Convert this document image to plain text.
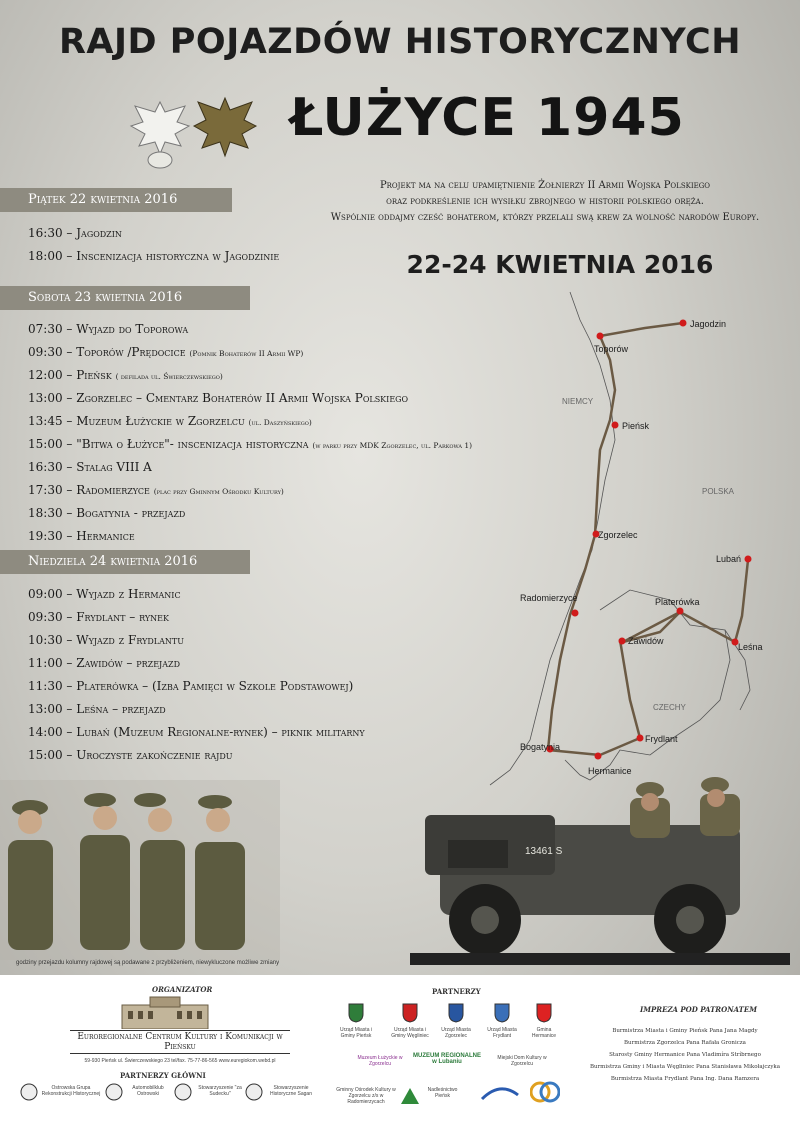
RAJD POJAZDÓW HISTORYCZNYCH
ŁUŻYCE 1945
Projekt ma na celu upamiętnienie Żołnierzy II Armii Wojska Polskiego
oraz podkreślenie ich wysiłku zbrojnego w historii polskiego oręża.
Wspólnie oddajmy cześć bohaterom, którzy przelali swą krew za wolność narodów Europy.
22-24 KWIETNIA 2016
Piątek 22 kwietnia 2016
16:30 – Jagodzin
18:00 – Inscenizacja historyczna w Jagodzinie
Sobota 23 kwietnia 2016
07:30 – Wyjazd do Toporowa
09:30 – Toporów /Prędocice (Pomnik Bohaterów II Armii WP)
12:00 – Pieńsk ( defilada ul. Świerczewskiego)
13:00 – Zgorzelec – Cmentarz Bohaterów II Armii Wojska Polskiego
13:45 – Muzeum Łużyckie w Zgorzelcu (ul. Daszyńskiego)
15:00 – "Bitwa o Łużyce"- inscenizacja historyczna (w parku przy MDK Zgorzelec, ul. Parkowa 1)
16:30 – Stalag VIII A
17:30 – Radomierzyce (plac przy Gminnym Ośrodku Kultury)
18:30 – Bogatynia - przejazd
19:30 – Hermanice
Niedziela 24 kwietnia 2016
09:00 – Wyjazd z Hermanic
09:30 – Frydlant – rynek
10:30 – Wyjazd z Frydlantu
11:00 – Zawidów – przejazd
11:30 – Platerówka – (Izba Pamięci w Szkole Podstawowej)
13:00 – Leśna – przejazd
14:00 – Lubań (Muzeum Regionalne-rynek) – piknik militarny
15:00 – Uroczyste zakończenie rajdu
Jagodzin
Toporów
Pieńsk
Zgorzelec
Radomierzyce	Platerówka
Lubań
Leśna
Zawidów
Frydlant
Bogatynia
Hermanice
NIEMCY
POLSKA
CZECHY
13461 S
godziny przejazdu kolumny rajdowej są podawane z przybliżeniem, niewykluczone możliwe zmiany
ORGANIZATOR
Euroregionalne Centrum Kultury i Komunikacji w Pieńsku
59-930 Pieńsk ul. Świerczewskiego 23 tel/fax. 75-77-86-565 www.euregiokom.webd.pl
PARTNERZY GŁÓWNI
Ostrowska Grupa Rekonstrukcji Historycznej
Automobilklub Ostrowski
Stowarzyszenie "za Sudecku"
Stowarzyszenie Historyczne Sagan
PARTNERZY
Urząd Miasta i Gminy Pieńsk
Urząd Miasta i Gminy Węgliniec
Urząd Miasta Zgorzelec
Urząd Miasta Frydlant
Gmina Hermanice
Muzeum Łużyckie w Zgorzelcu
MUZEUM REGIONALNE w Lubaniu
Miejski Dom Kultury w Zgorzelcu
Gminny Ośrodek Kultury w Zgorzelcu z/s w Radomierzycach
Nadleśnictwo Pieńsk
IMPREZA POD PATRONATEM
Burmistrza Miasta i Gminy Pieńsk Pana Jana Magdy
Burmistrza Zgorzelca Pana Rafała Gronicza
Starosty Gminy Hermanice Pana Vladimíra Stríbrnego
Burmistrza Gminy i Miasta Węgliniec Pana Stanisława Mikołajczyka
Burmistrza Miasta Frydlant Pana Ing. Dana Ramzera
